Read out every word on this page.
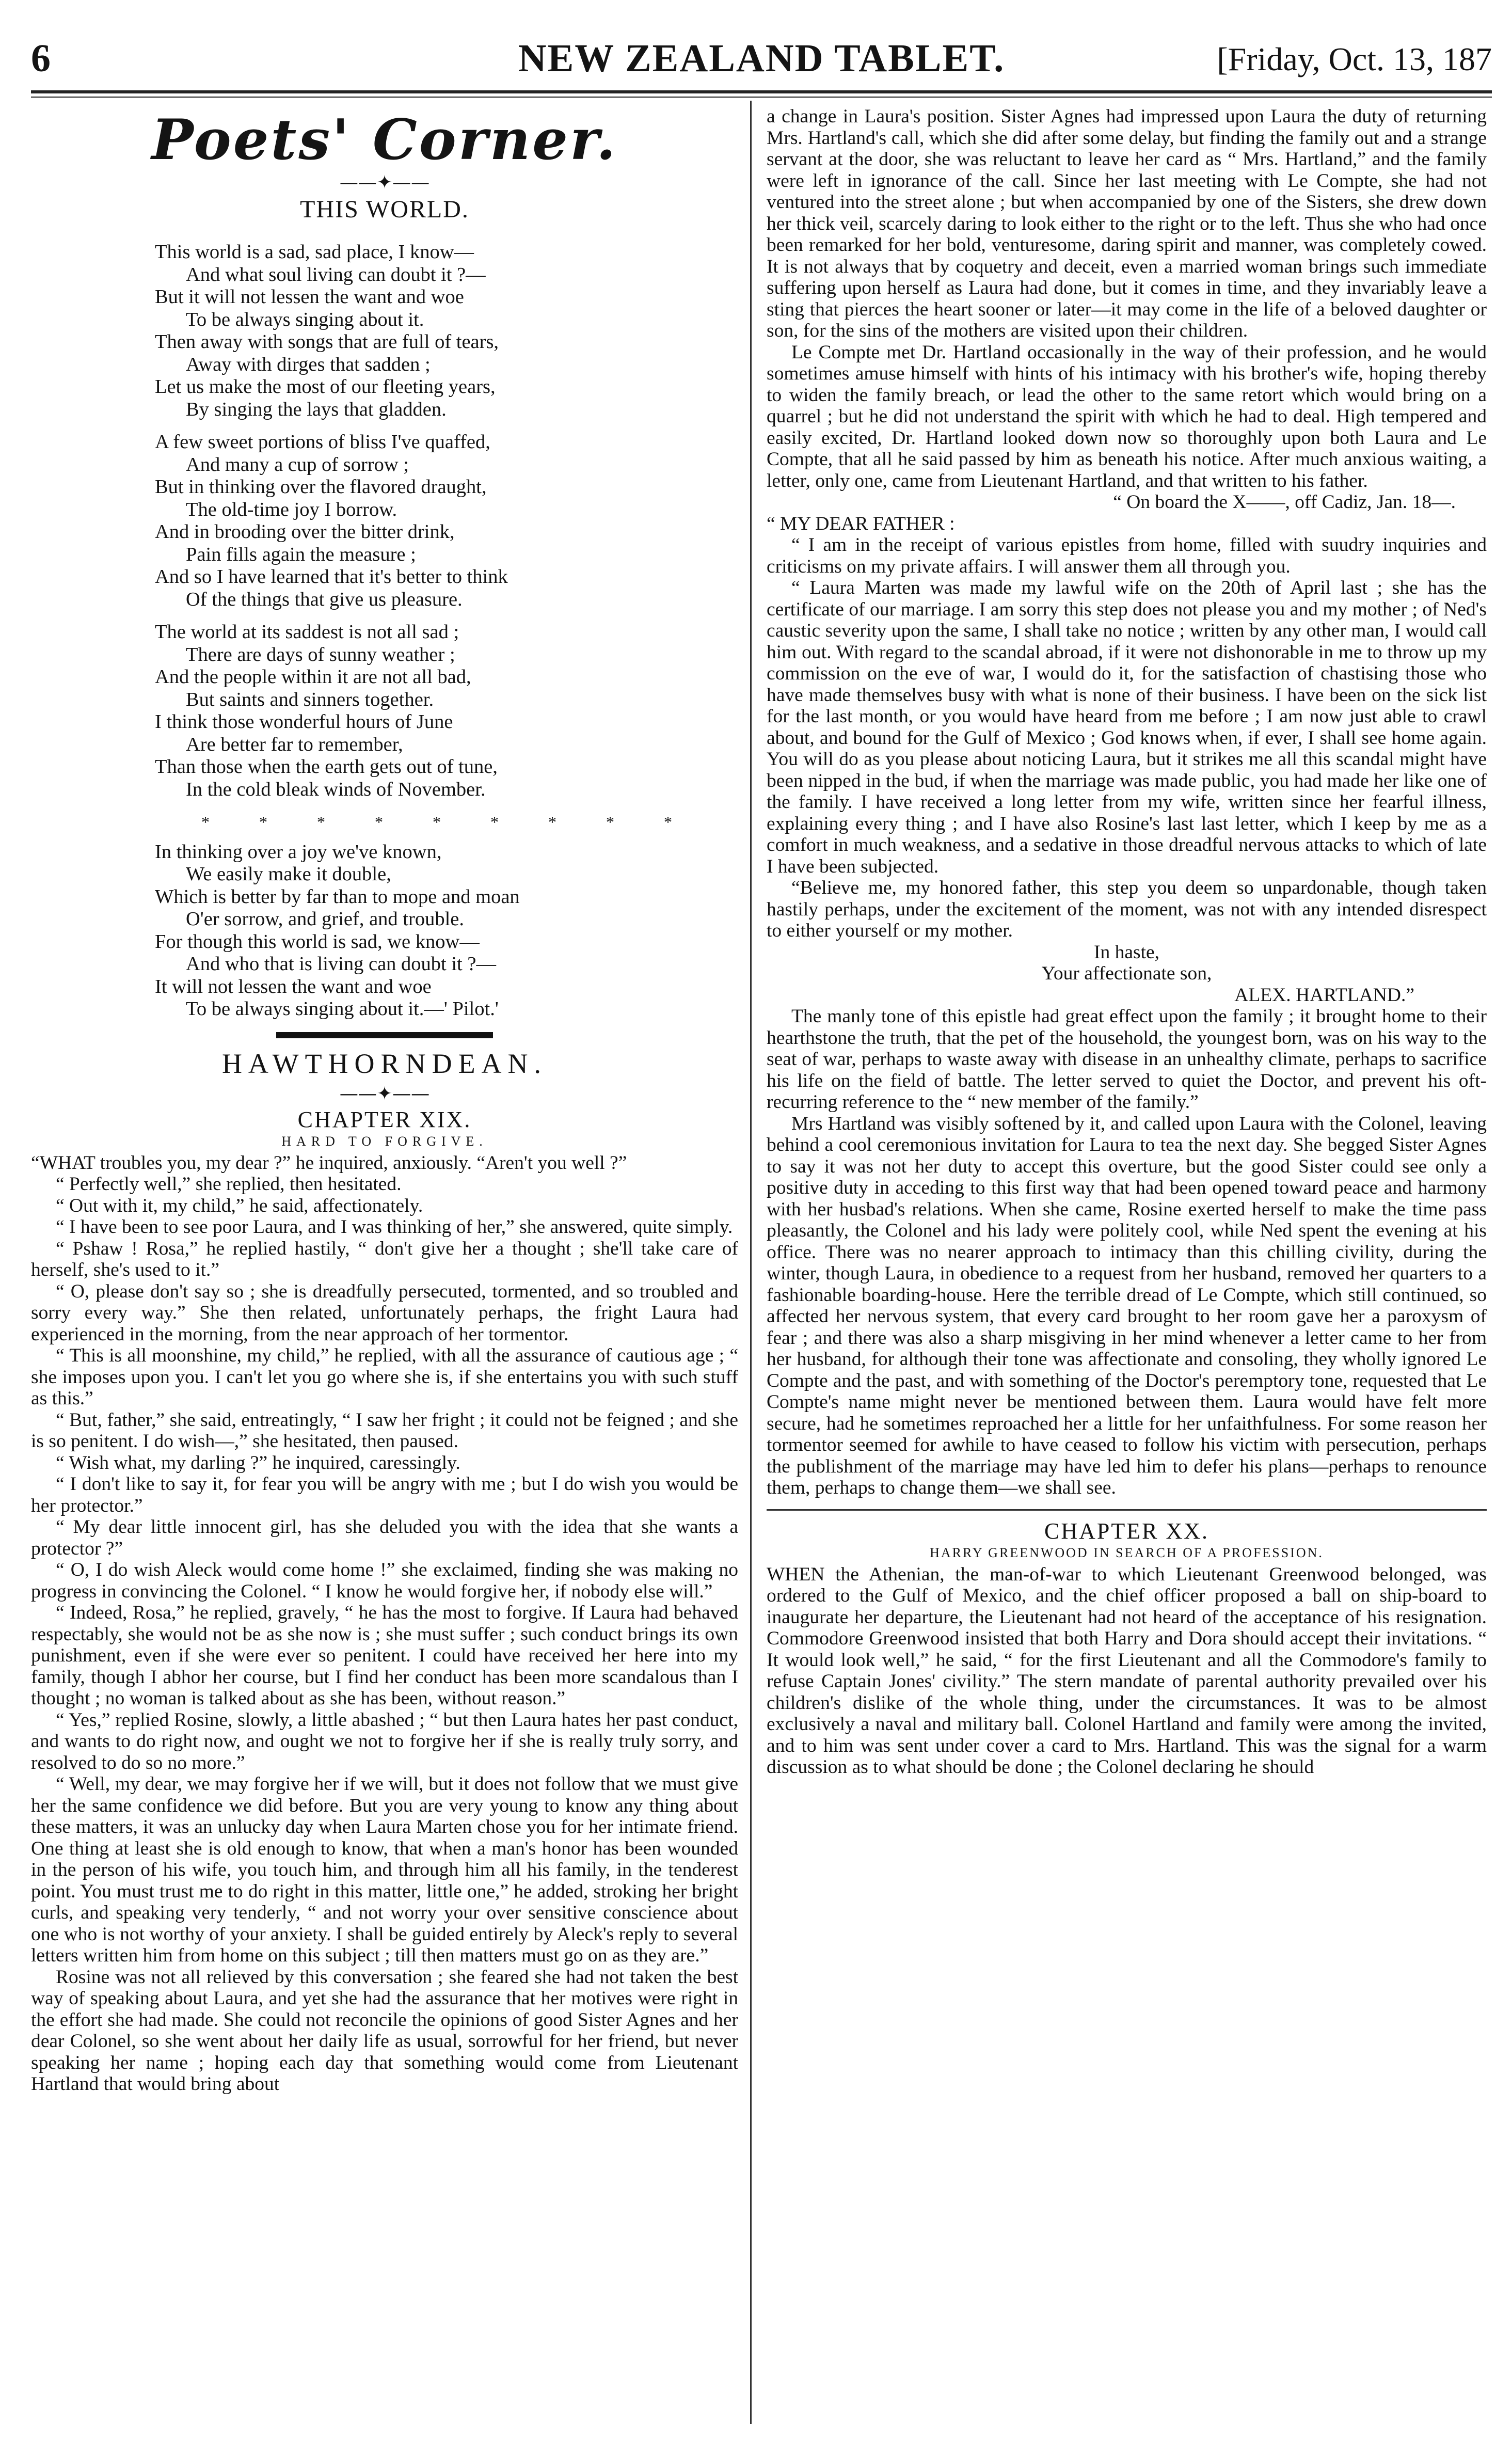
6	NEW ZEALAND TABLET.	[Friday, Oct. 13, 187
Poets' Corner.
——✦——
THIS WORLD.
This world is a sad, sad place, I know—
And what soul living can doubt it ?—
But it will not lessen the want and woe
To be always singing about it.
Then away with songs that are full of tears,
Away with dirges that sadden ;
Let us make the most of our fleeting years,
By singing the lays that gladden.
A few sweet portions of bliss I've quaffed,
And many a cup of sorrow ;
But in thinking over the flavored draught,
The old-time joy I borrow.
And in brooding over the bitter drink,
Pain fills again the measure ;
And so I have learned that it's better to think
Of the things that give us pleasure.
The world at its saddest is not all sad ;
There are days of sunny weather ;
And the people within it are not all bad,
But saints and sinners together.
I think those wonderful hours of June
Are better far to remember,
Than those when the earth gets out of tune,
In the cold bleak winds of November.
* * * * * * * * *
In thinking over a joy we've known,
We easily make it double,
Which is better by far than to mope and moan
O'er sorrow, and grief, and trouble.
For though this world is sad, we know—
And who that is living can doubt it ?—
It will not lessen the want and woe
To be always singing about it.—' Pilot.'
HAWTHORNDEAN.
——✦——
CHAPTER XIX.
HARD TO FORGIVE.

“WHAT troubles you, my dear ?” he inquired, anxiously. “Aren't you well ?”

“ Perfectly well,” she replied, then hesitated.

“ Out with it, my child,” he said, affectionately.

“ I have been to see poor Laura, and I was thinking of her,” she answered, quite simply.

“ Pshaw ! Rosa,” he replied hastily, “ don't give her a thought ; she'll take care of herself, she's used to it.”

“ O, please don't say so ; she is dreadfully persecuted, tormented, and so troubled and sorry every way.” She then related, unfortunately perhaps, the fright Laura had experienced in the morning, from the near approach of her tormentor.

“ This is all moonshine, my child,” he replied, with all the assurance of cautious age ; “ she imposes upon you. I can't let you go where she is, if she entertains you with such stuff as this.”

“ But, father,” she said, entreatingly, “ I saw her fright ; it could not be feigned ; and she is so penitent. I do wish—,” she hesitated, then paused.

“ Wish what, my darling ?” he inquired, caressingly.

“ I don't like to say it, for fear you will be angry with me ; but I do wish you would be her protector.”

“ My dear little innocent girl, has she deluded you with the idea that she wants a protector ?”

“ O, I do wish Aleck would come home !” she exclaimed, finding she was making no progress in convincing the Colonel. “ I know he would forgive her, if nobody else will.”

“ Indeed, Rosa,” he replied, gravely, “ he has the most to forgive. If Laura had behaved respectably, she would not be as she now is ; she must suffer ; such conduct brings its own punishment, even if she were ever so penitent. I could have received her here into my family, though I abhor her course, but I find her conduct has been more scandalous than I thought ; no woman is talked about as she has been, without reason.”

“ Yes,” replied Rosine, slowly, a little abashed ; “ but then Laura hates her past conduct, and wants to do right now, and ought we not to forgive her if she is really truly sorry, and resolved to do so no more.”

“ Well, my dear, we may forgive her if we will, but it does not follow that we must give her the same confidence we did before. But you are very young to know any thing about these matters, it was an unlucky day when Laura Marten chose you for her intimate friend. One thing at least she is old enough to know, that when a man's honor has been wounded in the person of his wife, you touch him, and through him all his family, in the tenderest point. You must trust me to do right in this matter, little one,” he added, stroking her bright curls, and speaking very tenderly, “ and not worry your over sensitive conscience about one who is not worthy of your anxiety. I shall be guided entirely by Aleck's reply to several letters written him from home on this subject ; till then matters must go on as they are.”

Rosine was not all relieved by this conversation ; she feared she had not taken the best way of speaking about Laura, and yet she had the assurance that her motives were right in the effort she had made. She could not reconcile the opinions of good Sister Agnes and her dear Colonel, so she went about her daily life as usual, sorrowful for her friend, but never speaking her name ; hoping each day that something would come from Lieutenant Hartland that would bring about

a change in Laura's position. Sister Agnes had impressed upon Laura the duty of returning Mrs. Hartland's call, which she did after some delay, but finding the family out and a strange servant at the door, she was reluctant to leave her card as “ Mrs. Hartland,” and the family were left in ignorance of the call. Since her last meeting with Le Compte, she had not ventured into the street alone ; but when accompanied by one of the Sisters, she drew down her thick veil, scarcely daring to look either to the right or to the left. Thus she who had once been remarked for her bold, venturesome, daring spirit and manner, was completely cowed. It is not always that by coquetry and deceit, even a married woman brings such immediate suffering upon herself as Laura had done, but it comes in time, and they invariably leave a sting that pierces the heart sooner or later—it may come in the life of a beloved daughter or son, for the sins of the mothers are visited upon their children.

Le Compte met Dr. Hartland occasionally in the way of their profession, and he would sometimes amuse himself with hints of his intimacy with his brother's wife, hoping thereby to widen the family breach, or lead the other to the same retort which would bring on a quarrel ; but he did not understand the spirit with which he had to deal. High tempered and easily excited, Dr. Hartland looked down now so thoroughly upon both Laura and Le Compte, that all he said passed by him as beneath his notice. After much anxious waiting, a letter, only one, came from Lieutenant Hartland, and that written to his father.

“ On board the X——, off Cadiz, Jan. 18—.

“ MY DEAR FATHER :

“ I am in the receipt of various epistles from home, filled with suudry inquiries and criticisms on my private affairs. I will answer them all through you.

“ Laura Marten was made my lawful wife on the 20th of April last ; she has the certificate of our marriage. I am sorry this step does not please you and my mother ; of Ned's caustic severity upon the same, I shall take no notice ; written by any other man, I would call him out. With regard to the scandal abroad, if it were not dishonorable in me to throw up my commission on the eve of war, I would do it, for the satisfaction of chastising those who have made themselves busy with what is none of their business. I have been on the sick list for the last month, or you would have heard from me before ; I am now just able to crawl about, and bound for the Gulf of Mexico ; God knows when, if ever, I shall see home again. You will do as you please about noticing Laura, but it strikes me all this scandal might have been nipped in the bud, if when the marriage was made public, you had made her like one of the family. I have received a long letter from my wife, written since her fearful illness, explaining every thing ; and I have also Rosine's last last letter, which I keep by me as a comfort in much weakness, and a sedative in those dreadful nervous attacks to which of late I have been subjected.

“Believe me, my honored father, this step you deem so unpardonable, though taken hastily perhaps, under the excitement of the moment, was not with any intended disrespect to either yourself or my mother.

In haste,

Your affectionate son,

ALEX. HARTLAND.”

The manly tone of this epistle had great effect upon the family ; it brought home to their hearthstone the truth, that the pet of the household, the youngest born, was on his way to the seat of war, perhaps to waste away with disease in an unhealthy climate, perhaps to sacrifice his life on the field of battle. The letter served to quiet the Doctor, and prevent his oft-recurring reference to the “ new member of the family.”

Mrs Hartland was visibly softened by it, and called upon Laura with the Colonel, leaving behind a cool ceremonious invitation for Laura to tea the next day. She begged Sister Agnes to say it was not her duty to accept this overture, but the good Sister could see only a positive duty in acceding to this first way that had been opened toward peace and harmony with her husbad's relations. When she came, Rosine exerted herself to make the time pass pleasantly, the Colonel and his lady were politely cool, while Ned spent the evening at his office. There was no nearer approach to intimacy than this chilling civility, during the winter, though Laura, in obedience to a request from her husband, removed her quarters to a fashionable boarding-house. Here the terrible dread of Le Compte, which still continued, so affected her nervous system, that every card brought to her room gave her a paroxysm of fear ; and there was also a sharp misgiving in her mind whenever a letter came to her from her husband, for although their tone was affectionate and consoling, they wholly ignored Le Compte and the past, and with something of the Doctor's peremptory tone, requested that Le Compte's name might never be mentioned between them. Laura would have felt more secure, had he sometimes reproached her a little for her unfaithfulness. For some reason her tormentor seemed for awhile to have ceased to follow his victim with persecution, perhaps the publishment of the marriage may have led him to defer his plans—perhaps to renounce them, perhaps to change them—we shall see.

CHAPTER XX.
HARRY GREENWOOD IN SEARCH OF A PROFESSION.

WHEN the Athenian, the man-of-war to which Lieutenant Greenwood belonged, was ordered to the Gulf of Mexico, and the chief officer proposed a ball on ship-board to inaugurate her departure, the Lieutenant had not heard of the acceptance of his resignation. Commodore Greenwood insisted that both Harry and Dora should accept their invitations. “ It would look well,” he said, “ for the first Lieutenant and all the Commodore's family to refuse Captain Jones' civility.” The stern mandate of parental authority prevailed over his children's dislike of the whole thing, under the circumstances. It was to be almost exclusively a naval and military ball. Colonel Hartland and family were among the invited, and to him was sent under cover a card to Mrs. Hartland. This was the signal for a warm discussion as to what should be done ; the Colonel declaring he should
